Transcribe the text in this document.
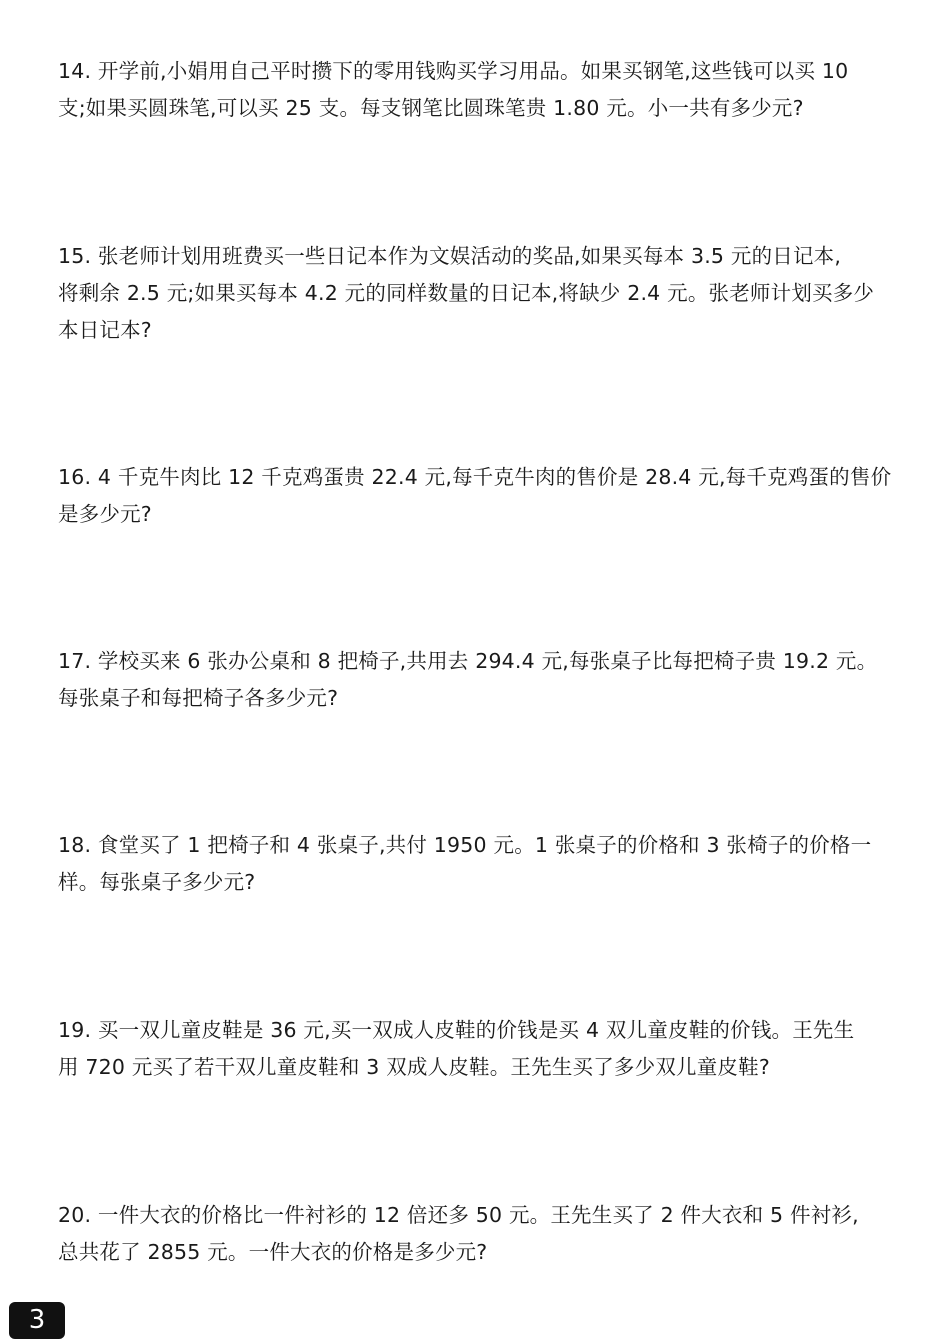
14. 开学前,小娟用自己平时攒下的零用钱购买学习用品。如果买钢笔,这些钱可以买 10
支;如果买圆珠笔,可以买 25 支。每支钢笔比圆珠笔贵 1.80 元。小一共有多少元?

15. 张老师计划用班费买一些日记本作为文娱活动的奖品,如果买每本 3.5 元的日记本,
将剩余 2.5 元;如果买每本 4.2 元的同样数量的日记本,将缺少 2.4 元。张老师计划买多少
本日记本?

16. 4 千克牛肉比 12 千克鸡蛋贵 22.4 元,每千克牛肉的售价是 28.4 元,每千克鸡蛋的售价
是多少元?

17. 学校买来 6 张办公桌和 8 把椅子,共用去 294.4 元,每张桌子比每把椅子贵 19.2 元。
每张桌子和每把椅子各多少元?

18. 食堂买了 1 把椅子和 4 张桌子,共付 1950 元。1 张桌子的价格和 3 张椅子的价格一
样。每张桌子多少元?

19. 买一双儿童皮鞋是 36 元,买一双成人皮鞋的价钱是买 4 双儿童皮鞋的价钱。王先生
用 720 元买了若干双儿童皮鞋和 3 双成人皮鞋。王先生买了多少双儿童皮鞋?

20. 一件大衣的价格比一件衬衫的 12 倍还多 50 元。王先生买了 2 件大衣和 5 件衬衫,
总共花了 2855 元。一件大衣的价格是多少元?

3
